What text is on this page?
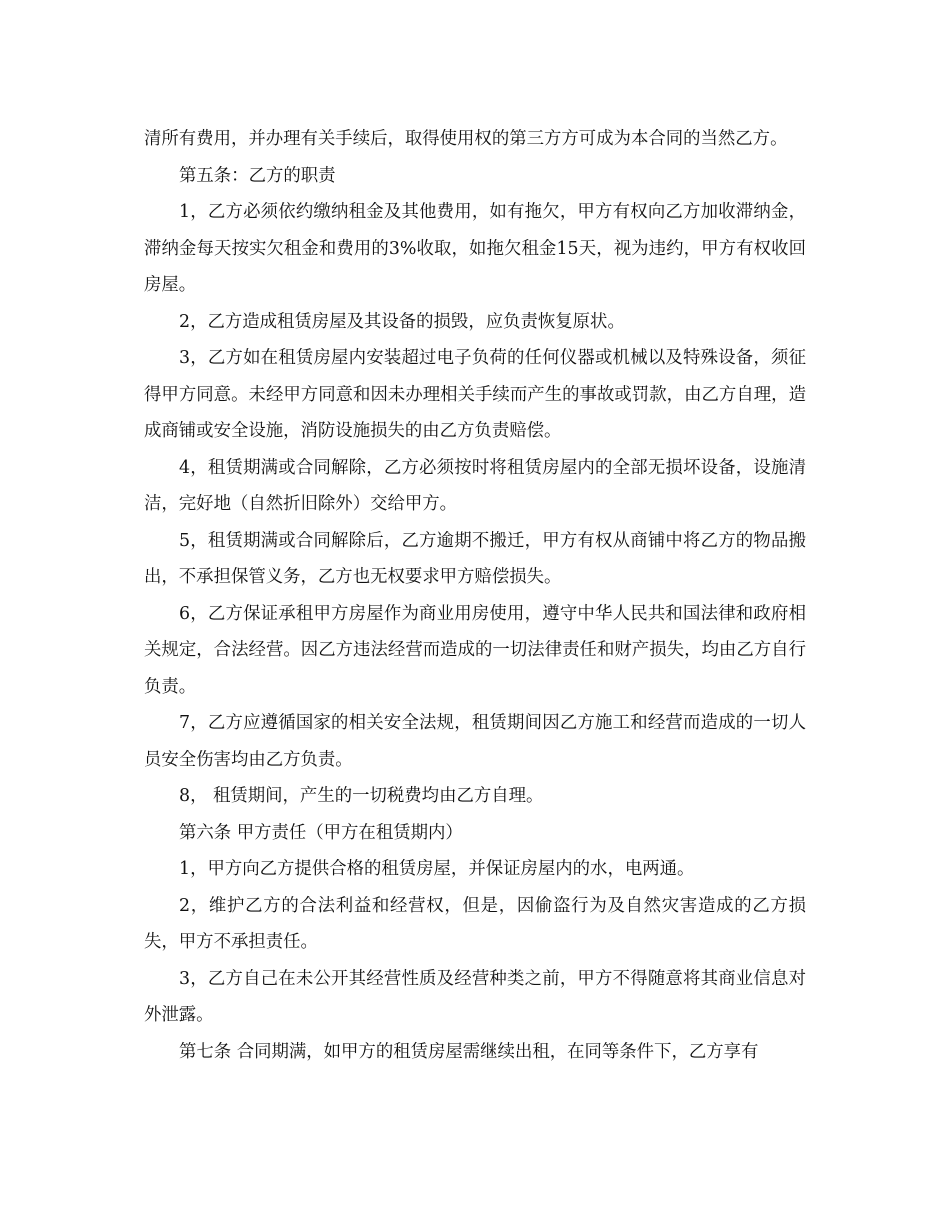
清所有费用，并办理有关手续后，取得使用权的第三方方可成为本合同的当然乙方。

第五条：乙方的职责

1，乙方必须依约缴纳租金及其他费用，如有拖欠，甲方有权向乙方加收滞纳金，滞纳金每天按实欠租金和费用的3%收取，如拖欠租金15天，视为违约，甲方有权收回房屋。

2，乙方造成租赁房屋及其设备的损毁，应负责恢复原状。

3，乙方如在租赁房屋内安装超过电子负荷的任何仪器或机械以及特殊设备，须征得甲方同意。未经甲方同意和因未办理相关手续而产生的事故或罚款，由乙方自理，造成商铺或安全设施，消防设施损失的由乙方负责赔偿。

4，租赁期满或合同解除，乙方必须按时将租赁房屋内的全部无损坏设备，设施清洁，完好地（自然折旧除外）交给甲方。

5，租赁期满或合同解除后，乙方逾期不搬迁，甲方有权从商铺中将乙方的物品搬出，不承担保管义务，乙方也无权要求甲方赔偿损失。

6，乙方保证承租甲方房屋作为商业用房使用，遵守中华人民共和国法律和政府相关规定，合法经营。因乙方违法经营而造成的一切法律责任和财产损失，均由乙方自行负责。

7，乙方应遵循国家的相关安全法规，租赁期间因乙方施工和经营而造成的一切人员安全伤害均由乙方负责。

8， 租赁期间，产生的一切税费均由乙方自理。

第六条 甲方责任（甲方在租赁期内）

1，甲方向乙方提供合格的租赁房屋，并保证房屋内的水，电两通。

2，维护乙方的合法利益和经营权，但是，因偷盗行为及自然灾害造成的乙方损失，甲方不承担责任。

3，乙方自己在未公开其经营性质及经营种类之前，甲方不得随意将其商业信息对外泄露。

第七条 合同期满，如甲方的租赁房屋需继续出租，在同等条件下，乙方享有
